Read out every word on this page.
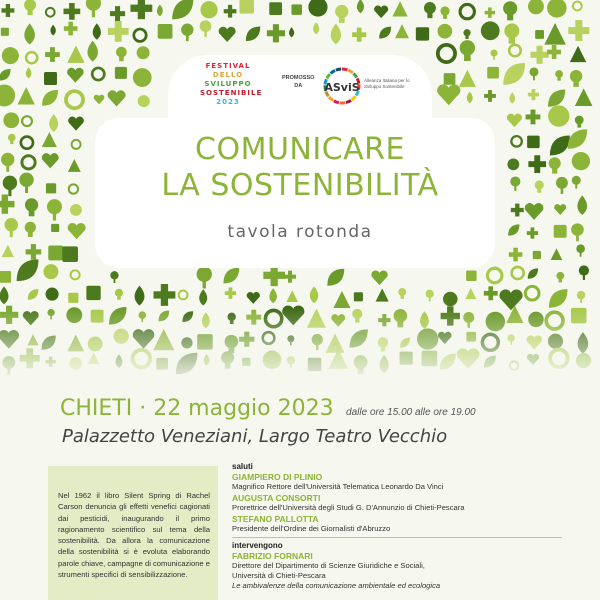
FESTIVAL
DELLO
SVILUPPO
SOSTENIBILE
2023
PROMOSSO
DA	ASviS
Alleanza Italiana per lo Sviluppo Sostenibile
COMUNICARE
LA SOSTENIBILITÀ
tavola rotonda
CHIETI · 22 maggio 2023 dalle ore 15.00 alle ore 19.00
Palazzetto Veneziani, Largo Teatro Vecchio

Nel 1962 il libro Silent Spring di Rachel Carson denuncia gli effetti venefici cagionati dai pesticidi, inaugurando il primo ragionamento scientifico sul tema della sostenibilità. Da allora la comunicazione della sostenibilità si è evoluta elaborando parole chiave, campagne di comunicazione e strumenti specifici di sensibilizzazione.

saluti
GIAMPIERO DI PLINIO
Magnifico Rettore dell'Università Telematica Leonardo Da Vinci
AUGUSTA CONSORTI
Prorettrice dell'Università degli Studi G. D'Annunzio di Chieti-Pescara
STEFANO PALLOTTA
Presidente dell'Ordine dei Giornalisti d'Abruzzo
intervengono
FABRIZIO FORNARI
Direttore del Dipartimento di Scienze Giuridiche e Sociali,
Università di Chieti-Pescara
Le ambivalenze della comunicazione ambientale ed ecologica
